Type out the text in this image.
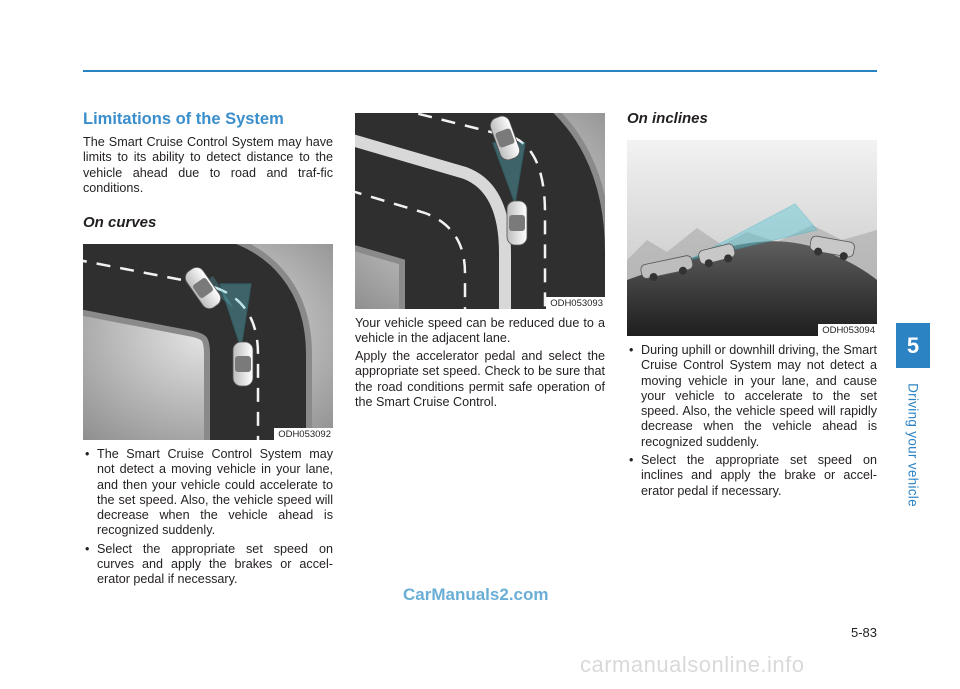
Limitations of the System

The Smart Cruise Control System may have limits to its ability to detect distance to the vehicle ahead due to road and traf-fic conditions.

On curves
ODH053092
• The Smart Cruise Control System may not detect a moving vehicle in your lane, and then your vehicle could accelerate to the set speed. Also, the vehicle speed will decrease when the vehicle ahead is recognized suddenly.
• Select the appropriate set speed on curves and apply the brakes or accel-erator pedal if necessary.
ODH053093

Your vehicle speed can be reduced due to a vehicle in the adjacent lane.

Apply the accelerator pedal and select the appropriate set speed. Check to be sure that the road conditions permit safe operation of the Smart Cruise Control.

On inclines
ODH053094
• During uphill or downhill driving, the Smart Cruise Control System may not detect a moving vehicle in your lane, and cause your vehicle to accelerate to the set speed. Also, the vehicle speed will rapidly decrease when the vehicle ahead is recognized suddenly.
• Select the appropriate set speed on inclines and apply the brake or accel-erator pedal if necessary.
5
Driving your vehicle
CarManuals2.com
5-83
carmanualsonline.info
